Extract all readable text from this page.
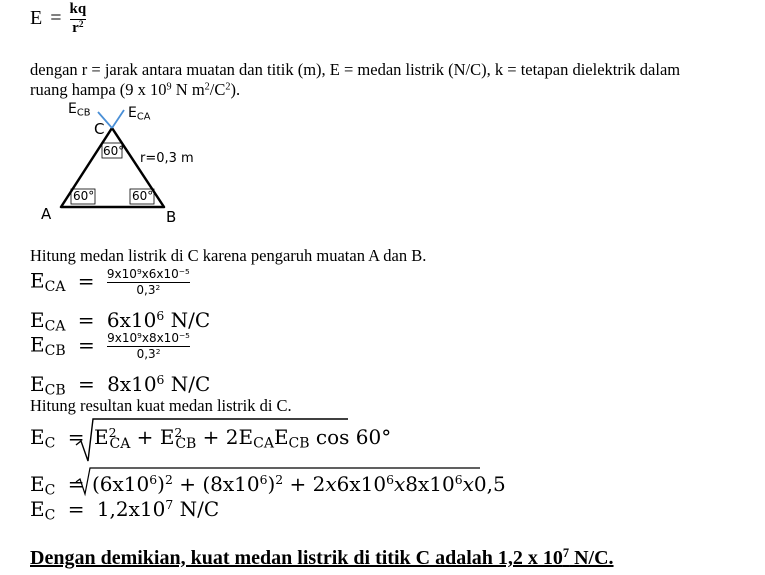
$E = \frac{kq}{r^2}$
dengan r = jarak antara muatan dan titik (m), E = medan listrik (N/C), k = tetapan dielektrik dalam
ruang hampa (9 x $10^9$ N $m^2/C^2$).
$E_{CB}$	$E_{CA}$
C
60° r=0,3 m
60°	60°
A	B
Hitung medan listrik di C karena pengaruh muatan A dan B.
$E_{CA} = \frac{9x10^9x6x10^{-5}}{0,3^2}$
$E_{CA} = 6x10^6$ N/C
$E_{CB} = \frac{9x10^9x8x10^{-5}}{0,3^2}$
$E_{CB} = 8x10^6$ N/C
Hitung resultan kuat medan listrik di C.
$E_C = E^2_{CA} + E^2_{CB} + 2E_{CA}E_{CB}$ cos 60°
$E_C = (6x10^6)^2 + (8x10^6)^2 + 2x6x10^6x8x10^6x0,5$
$E_C = 1,2x10^7$ N/C
Dengan demikian, kuat medan listrik di titik C adalah 1,2 x $10^7$ N/C.
